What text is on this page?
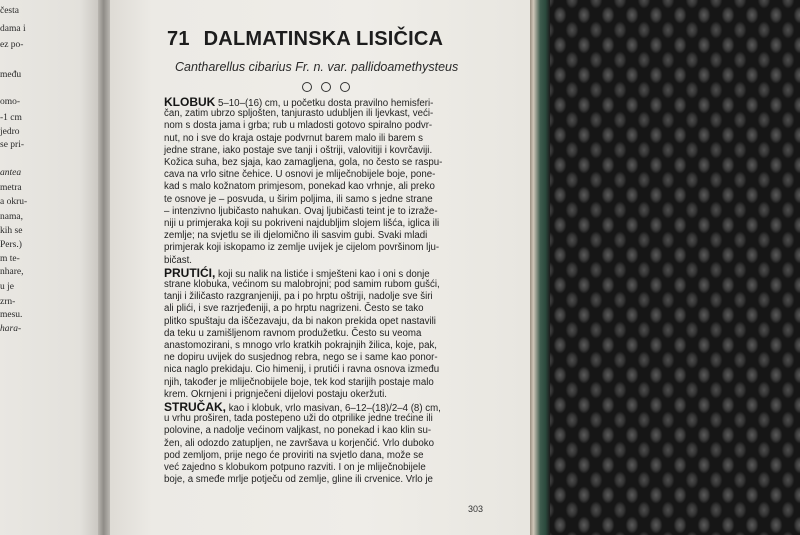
česta
dama i
ez po-
među
omo-
-1 cm
jedro
se pri-
antea
metra
a okru-
nama,
kih se
Pers.)
m te-
nhare,
u je
zrn-
mesu.
hara-
71 DALMATINSKA LISIČICA
Cantharellus cibarius Fr. n. var. pallidoamethysteus
KLOBUK 5–10–(16) cm, u početku dosta pravilno hemisferi-
čan, zatim ubrzo spljošten, tanjurasto udubljen ili ljevkast, veći-
nom s dosta jama i grba; rub u mladosti gotovo spiralno podvr-
nut, no i sve do kraja ostaje podvrnut barem malo ili barem s
jedne strane, iako postaje sve tanji i oštriji, valovitiji i kovrčaviji.
Kožica suha, bez sjaja, kao zamagljena, gola, no često se raspu-
cava na vrlo sitne čehice. U osnovi je mliječnobijele boje, pone-
kad s malo kožnatom primjesom, ponekad kao vrhnje, ali preko
te osnove je – posvuda, u širim poljima, ili samo s jedne strane
– intenzivno ljubičasto nahukan. Ovaj ljubičasti teint je to izraže-
niji u primjeraka koji su pokriveni najdubljim slojem lišća, iglica ili
zemlje; na svjetlu se ili djelomično ili sasvim gubi. Svaki mladi
primjerak koji iskopamo iz zemlje uvijek je cijelom površinom lju-
bičast.
PRUTIĆI, koji su nalik na listiće i smješteni kao i oni s donje
strane klobuka, većinom su malobrojni; pod samim rubom gušći,
tanji i žiličasto razgranjeniji, pa i po hrptu oštriji, nadolje sve širi
ali plići, i sve razrjeđeniji, a po hrptu nagrizeni. Često se tako
plitko spuštaju da iščezavaju, da bi nakon prekida opet nastavili
da teku u zamišljenom ravnom produžetku. Često su veoma
anastomozirani, s mnogo vrlo kratkih pokrajnjih žilica, koje, pak,
ne dopiru uvijek do susjednog rebra, nego se i same kao ponor-
nica naglo prekidaju. Cio himenij, i prutići i ravna osnova između
njih, također je mliječnobijele boje, tek kod starijih postaje malo
krem. Okrnjeni i prignječeni dijelovi postaju okeržuti.
STRUČAK, kao i klobuk, vrlo masivan, 6–12–(18)/2–4 (8) cm,
u vrhu proširen, tada postepeno uži do otprilike jedne trećine ili
polovine, a nadolje većinom valjkast, no ponekad i kao klin su-
žen, ali odozdo zatupljen, ne završava u korjenčić. Vrlo duboko
pod zemljom, prije nego će proviriti na svjetlo dana, može se
već zajedno s klobukom potpuno razviti. I on je mliječnobijele
boje, a smeđe mrlje potječu od zemlje, gline ili crvenice. Vrlo je
303
